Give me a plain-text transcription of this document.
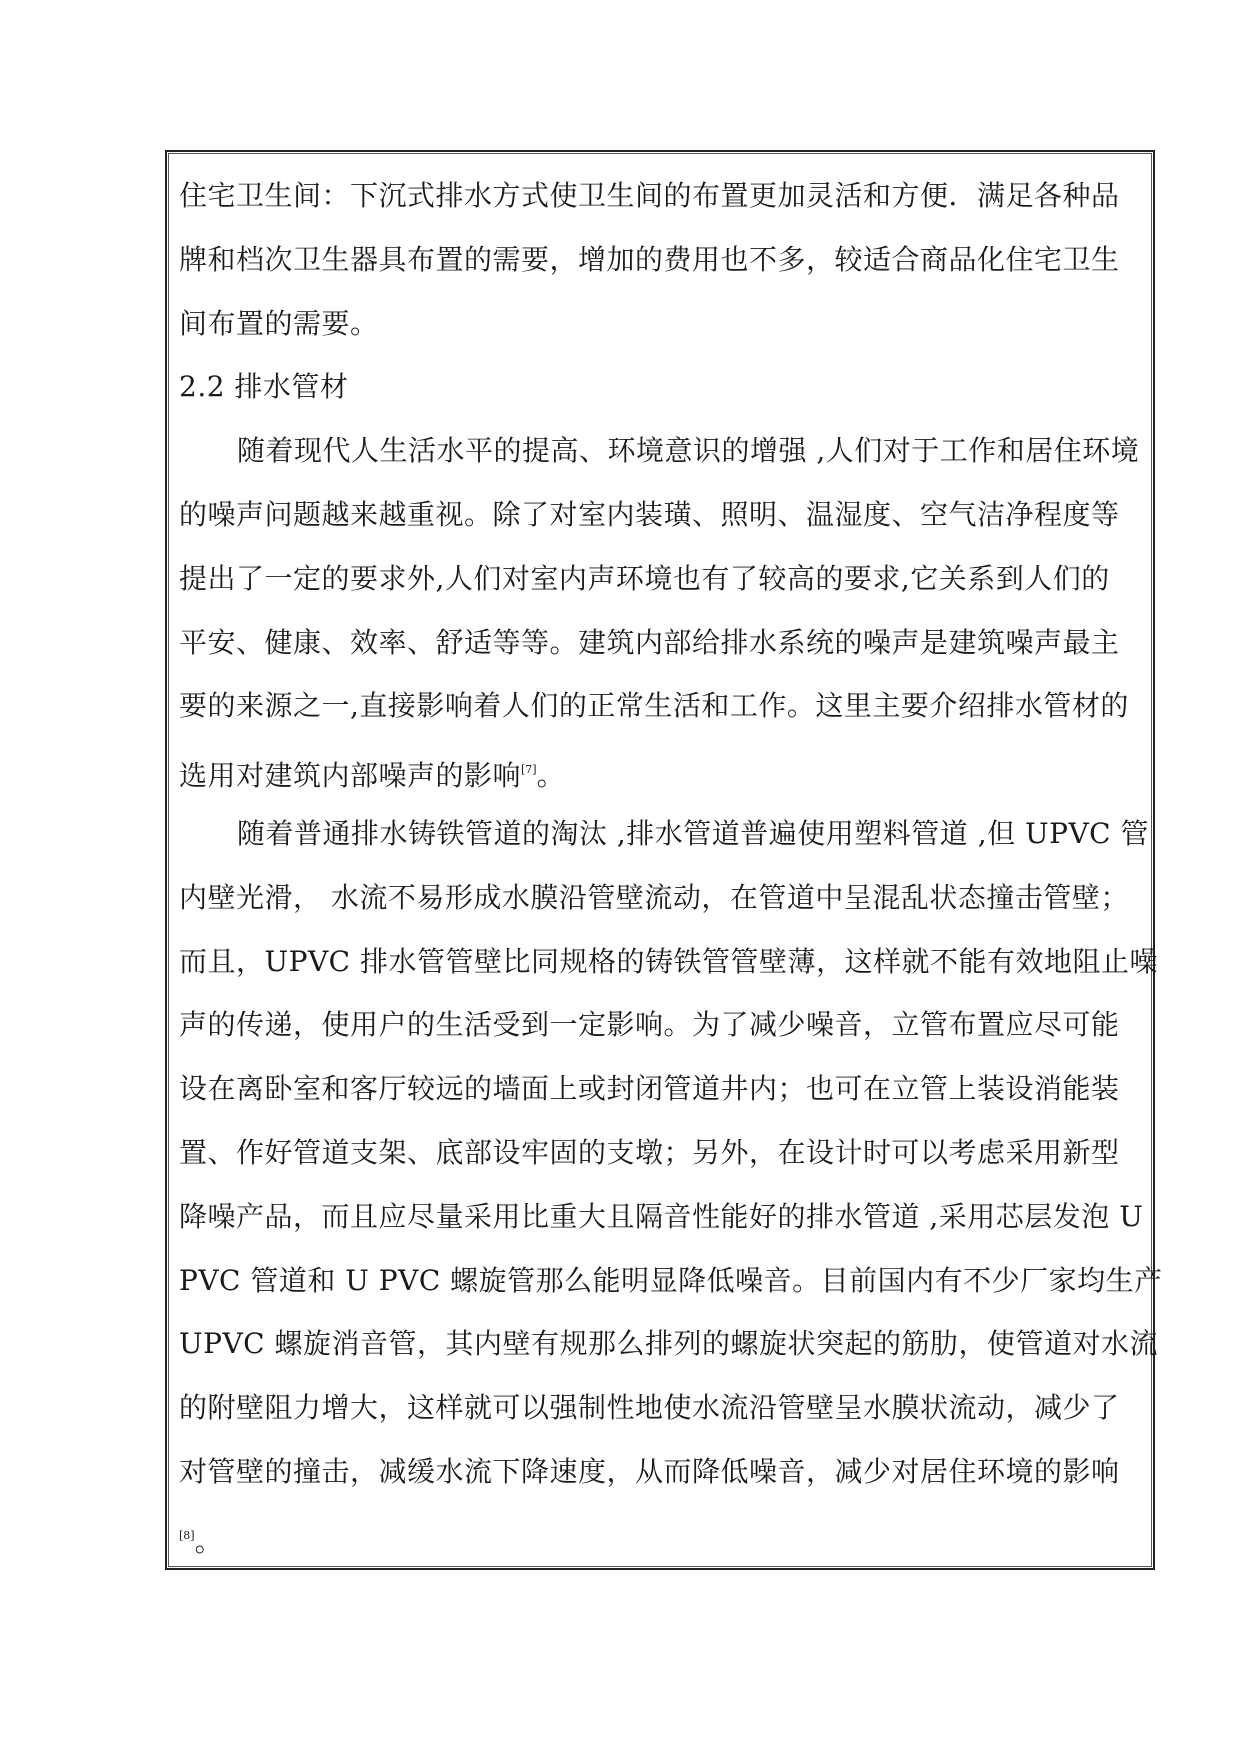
住宅卫生间：下沉式排水方式使卫生间的布置更加灵活和方便．满足各种品
牌和档次卫生器具布置的需要，增加的费用也不多，较适合商品化住宅卫生
间布置的需要。
2.2 排水管材
随着现代人生活水平的提高、环境意识的增强 ,人们对于工作和居住环境
的噪声问题越来越重视。除了对室内装璜、照明、温湿度、空气洁净程度等
提出了一定的要求外,人们对室内声环境也有了较高的要求,它关系到人们的
平安、健康、效率、舒适等等。建筑内部给排水系统的噪声是建筑噪声最主
要的来源之一,直接影响着人们的正常生活和工作。这里主要介绍排水管材的
选用对建筑内部噪声的影响[7]。
随着普通排水铸铁管道的淘汰 ,排水管道普遍使用塑料管道 ,但 UPVC 管
内壁光滑， 水流不易形成水膜沿管壁流动，在管道中呈混乱状态撞击管壁；
而且，UPVC 排水管管壁比同规格的铸铁管管壁薄，这样就不能有效地阻止噪
声的传递，使用户的生活受到一定影响。为了减少噪音，立管布置应尽可能
设在离卧室和客厅较远的墙面上或封闭管道井内；也可在立管上装设消能装
置、作好管道支架、底部设牢固的支墩；另外，在设计时可以考虑采用新型
降噪产品，而且应尽量采用比重大且隔音性能好的排水管道 ,采用芯层发泡 U
PVC 管道和 U PVC 螺旋管那么能明显降低噪音。目前国内有不少厂家均生产
UPVC 螺旋消音管，其内壁有规那么排列的螺旋状突起的筋肋，使管道对水流
的附壁阻力增大，这样就可以强制性地使水流沿管壁呈水膜状流动，减少了
对管壁的撞击，减缓水流下降速度，从而降低噪音，减少对居住环境的影响
[8]。
